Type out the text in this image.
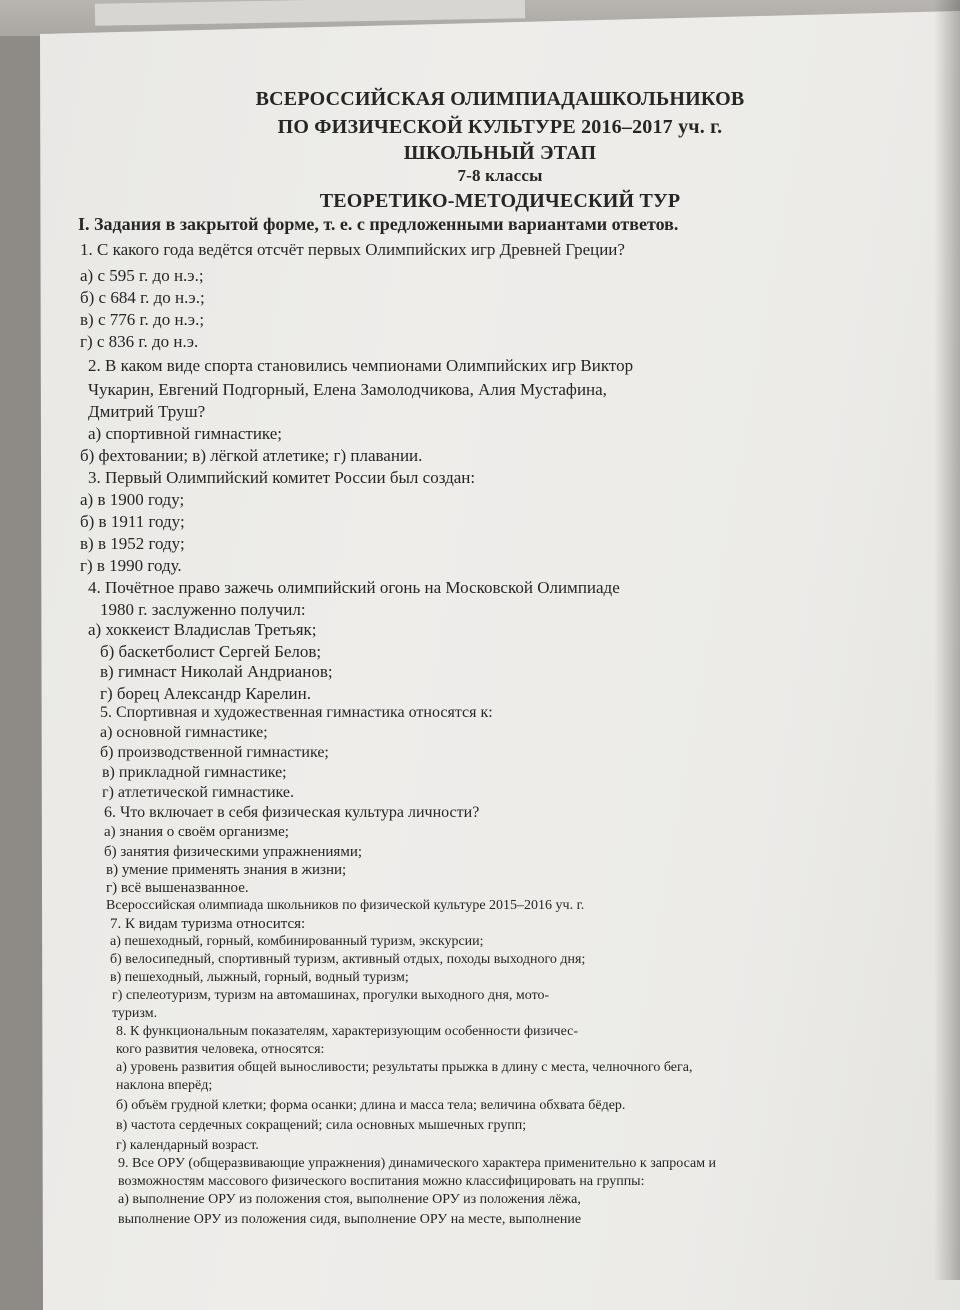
ВСЕРОССИЙСКАЯ ОЛИМПИАДАШКОЛЬНИКОВ
ПО ФИЗИЧЕСКОЙ КУЛЬТУРЕ 2016–2017 уч. г.
ШКОЛЬНЫЙ ЭТАП
7-8 классы
ТЕОРЕТИКО-МЕТОДИЧЕСКИЙ ТУР
I. Задания в закрытой форме, т. е. с предложенными вариантами ответов.
1. С какого года ведётся отсчёт первых Олимпийских игр Древней Греции?
а) с 595 г. до н.э.;
б) с 684 г. до н.э.;
в) с 776 г. до н.э.;
г) с 836 г. до н.э.
2. В каком виде спорта становились чемпионами Олимпийских игр Виктор
Чукарин, Евгений Подгорный, Елена Замолодчикова, Алия Мустафина,
Дмитрий Труш?
а) спортивной гимнастике;
б) фехтовании; в) лёгкой атлетике; г) плавании.
3. Первый Олимпийский комитет России был создан:
а) в 1900 году;
б) в 1911 году;
в) в 1952 году;
г) в 1990 году.
4. Почётное право зажечь олимпийский огонь на Московской Олимпиаде
1980 г. заслуженно получил:
а) хоккеист Владислав Третьяк;
б) баскетболист Сергей Белов;
в) гимнаст Николай Андрианов;
г) борец Александр Карелин.
5. Спортивная и художественная гимнастика относятся к:
а) основной гимнастике;
б) производственной гимнастике;
в) прикладной гимнастике;
г) атлетической гимнастике.
6. Что включает в себя физическая культура личности?
а) знания о своём организме;
б) занятия физическими упражнениями;
в) умение применять знания в жизни;
г) всё вышеназванное.
Всероссийская олимпиада школьников по физической культуре 2015–2016 уч. г.
7. К видам туризма относится:
а) пешеходный, горный, комбинированный туризм, экскурсии;
б) велосипедный, спортивный туризм, активный отдых, походы выходного дня;
в) пешеходный, лыжный, горный, водный туризм;
г) спелеотуризм, туризм на автомашинах, прогулки выходного дня, мото-
туризм.
8. К функциональным показателям, характеризующим особенности физичес-
кого развития человека, относятся:
а) уровень развития общей выносливости; результаты прыжка в длину с места, челночного бега,
наклона вперёд;
б) объём грудной клетки; форма осанки; длина и масса тела; величина обхвата бёдер.
в) частота сердечных сокращений; сила основных мышечных групп;
г) календарный возраст.
9. Все ОРУ (общеразвивающие упражнения) динамического характера применительно к запросам и
возможностям массового физического воспитания можно классифицировать на группы:
а) выполнение ОРУ из положения стоя, выполнение ОРУ из положения лёжа,
выполнение ОРУ из положения сидя, выполнение ОРУ на месте, выполнение
